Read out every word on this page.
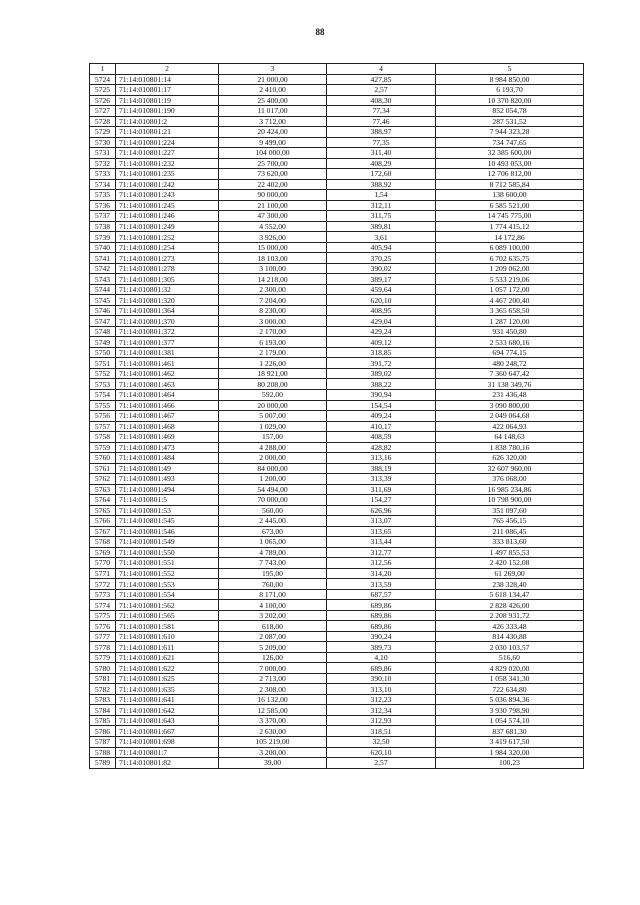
88
1	2	3	4	5
5724	71:14:010801:14	21 000,00	427,85	8 984 850,00
5725	71:14:010801:17	2 410,00	2,57	6 193,70
5726	71:14:010801:19	25 400,00	408,30	10 370 820,00
5727	71:14:010801:190	11 017,00	77,34	852 054,78
5728	71:14:010801:2	3 712,00	77,46	287 531,52
5729	71:14:010801:21	20 424,00	388,97	7 944 323,28
5730	71:14:010801:224	9 499,00	77,35	734 747,65
5731	71:14:010801:227	104 000,00	311,40	32 385 600,00
5732	71:14:010801:232	25 700,00	408,29	10 493 053,00
5733	71:14:010801:235	73 620,00	172,60	12 706 812,00
5734	71:14:010801:242	22 402,00	388,92	8 712 585,84
5735	71:14:010801:243	90 000,00	1,54	138 600,00
5736	71:14:010801:245	21 100,00	312,11	6 585 521,00
5737	71:14:010801:246	47 300,00	311,75	14 745 775,00
5738	71:14:010801:249	4 552,00	389,81	1 774 415,12
5739	71:14:010801:252	3 926,00	3,61	14 172,86
5740	71:14:010801:254	15 000,00	405,94	6 089 100,00
5741	71:14:010801:273	18 103,00	370,25	6 702 635,75
5742	71:14:010801:278	3 100,00	390,02	1 209 062,00
5743	71:14:010801:305	14 218,00	389,17	5 533 219,06
5744	71:14:010801:32	2 300,00	459,64	1 057 172,00
5745	71:14:010801:320	7 204,00	620,10	4 467 200,40
5746	71:14:010801:364	8 230,00	408,95	3 365 658,50
5747	71:14:010801:370	3 000,00	429,04	1 287 120,00
5748	71:14:010801:372	2 170,00	429,24	931 450,80
5749	71:14:010801:377	6 193,00	409,12	2 533 680,16
5750	71:14:010801:381	2 179,00	318,85	694 774,15
5751	71:14:010801:461	1 226,00	391,72	480 248,72
5752	71:14:010801:462	18 921,00	389,02	7 360 647,42
5753	71:14:010801:463	80 208,00	388,22	31 138 349,76
5754	71:14:010801:464	592,00	390,94	231 436,48
5755	71:14:010801:466	20 000,00	154,54	3 090 800,00
5756	71:14:010801:467	5 007,00	409,24	2 049 064,68
5757	71:14:010801:468	1 029,00	410,17	422 064,93
5758	71:14:010801:469	157,00	408,59	64 148,63
5759	71:14:010801:473	4 288,00	428,82	1 838 780,16
5760	71:14:010801:484	2 000,00	313,16	626 320,00
5761	71:14:010801:49	84 000,00	388,19	32 607 960,00
5762	71:14:010801:493	1 200,00	313,39	376 068,00
5763	71:14:010801:494	54 494,00	311,69	16 985 234,86
5764	71:14:010801:5	70 000,00	154,27	10 798 900,00
5765	71:14:010801:53	560,00	626,96	351 097,60
5766	71:14:010801:545	2 445,00	313,07	765 456,15
5767	71:14:010801:546	673,00	313,65	211 086,45
5768	71:14:010801:549	1 065,00	313,44	333 813,60
5769	71:14:010801:550	4 789,00	312,77	1 497 855,53
5770	71:14:010801:551	7 743,00	312,56	2 420 152,08
5771	71:14:010801:552	195,00	314,20	61 269,00
5772	71:14:010801:553	760,00	313,59	238 328,40
5773	71:14:010801:554	8 171,00	687,57	5 618 134,47
5774	71:14:010801:562	4 100,00	689,86	2 828 426,00
5775	71:14:010801:565	3 202,00	689,86	2 208 931,72
5776	71:14:010801:581	618,00	689,86	426 333,48
5777	71:14:010801:610	2 087,00	390,24	814 430,88
5778	71:14:010801:611	5 209,00	389,73	2 030 103,57
5779	71:14:010801:621	126,00	4,10	516,60
5780	71:14:010801:622	7 000,00	689,86	4 829 020,00
5781	71:14:010801:625	2 713,00	390,10	1 058 341,30
5782	71:14:010801:635	2 308,00	313,10	722 634,80
5783	71:14:010801:641	16 132,00	312,23	5 036 894,36
5784	71:14:010801:642	12 585,00	312,34	3 930 798,90
5785	71:14:010801:643	3 370,00	312,93	1 054 574,10
5786	71:14:010801:667	2 630,00	318,51	837 681,30
5787	71:14:010801:698	105 219,00	32,50	3 419 617,50
5788	71:14:010801:7	3 200,00	620,10	1 984 320,00
5789	71:14:010801:82	39,00	2,57	100,23
